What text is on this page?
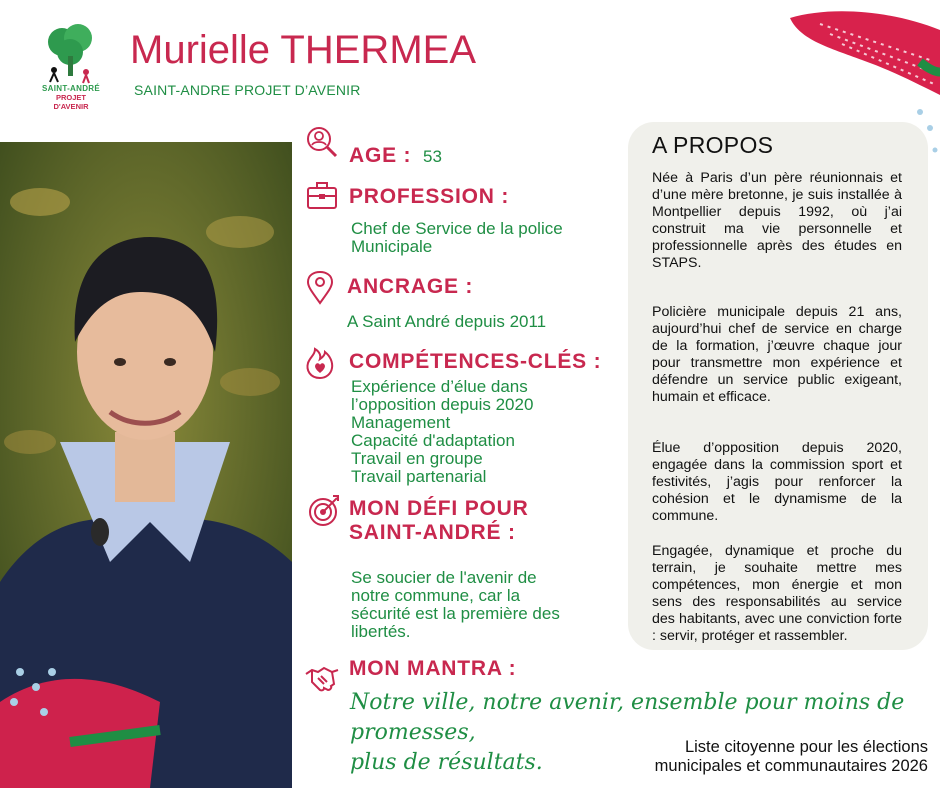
SAINT-ANDRÉ
PROJET D'AVENIR
Murielle THERMEA
SAINT-ANDRE PROJET D’AVENIR
AGE : 53
PROFESSION :
Chef de Service de la police
Municipale
ANCRAGE :
A Saint André depuis 2011
COMPÉTENCES-CLÉS :
Expérience d’élue dans
l’opposition depuis 2020
Management
Capacité d'adaptation
Travail en groupe
Travail partenarial
MON DÉFI POUR
SAINT-ANDRÉ :
Se soucier de l'avenir de
notre commune, car la
sécurité est la première des
libertés.
MON MANTRA :
Notre ville, notre avenir, ensemble pour moins de promesses,
plus de résultats.
A PROPOS

Née à Paris d’un père réunionnais et d’une mère bretonne, je suis installée à Montpellier depuis 1992, où j’ai construit ma vie personnelle et professionnelle après des études en STAPS.

Policière municipale depuis 21 ans, aujourd’hui chef de service en charge de la formation, j’œuvre chaque jour pour transmettre mon expérience et défendre un service public exigeant, humain et efficace.

Élue d’opposition depuis 2020, engagée dans la commission sport et festivités, j’agis pour renforcer la cohésion et le dynamisme de la commune.

Engagée, dynamique et proche du terrain, je souhaite mettre mes compétences, mon énergie et mon sens des responsabilités au service des habitants, avec une conviction forte : servir, protéger et rassembler.

Liste citoyenne pour les élections
municipales et communautaires 2026
